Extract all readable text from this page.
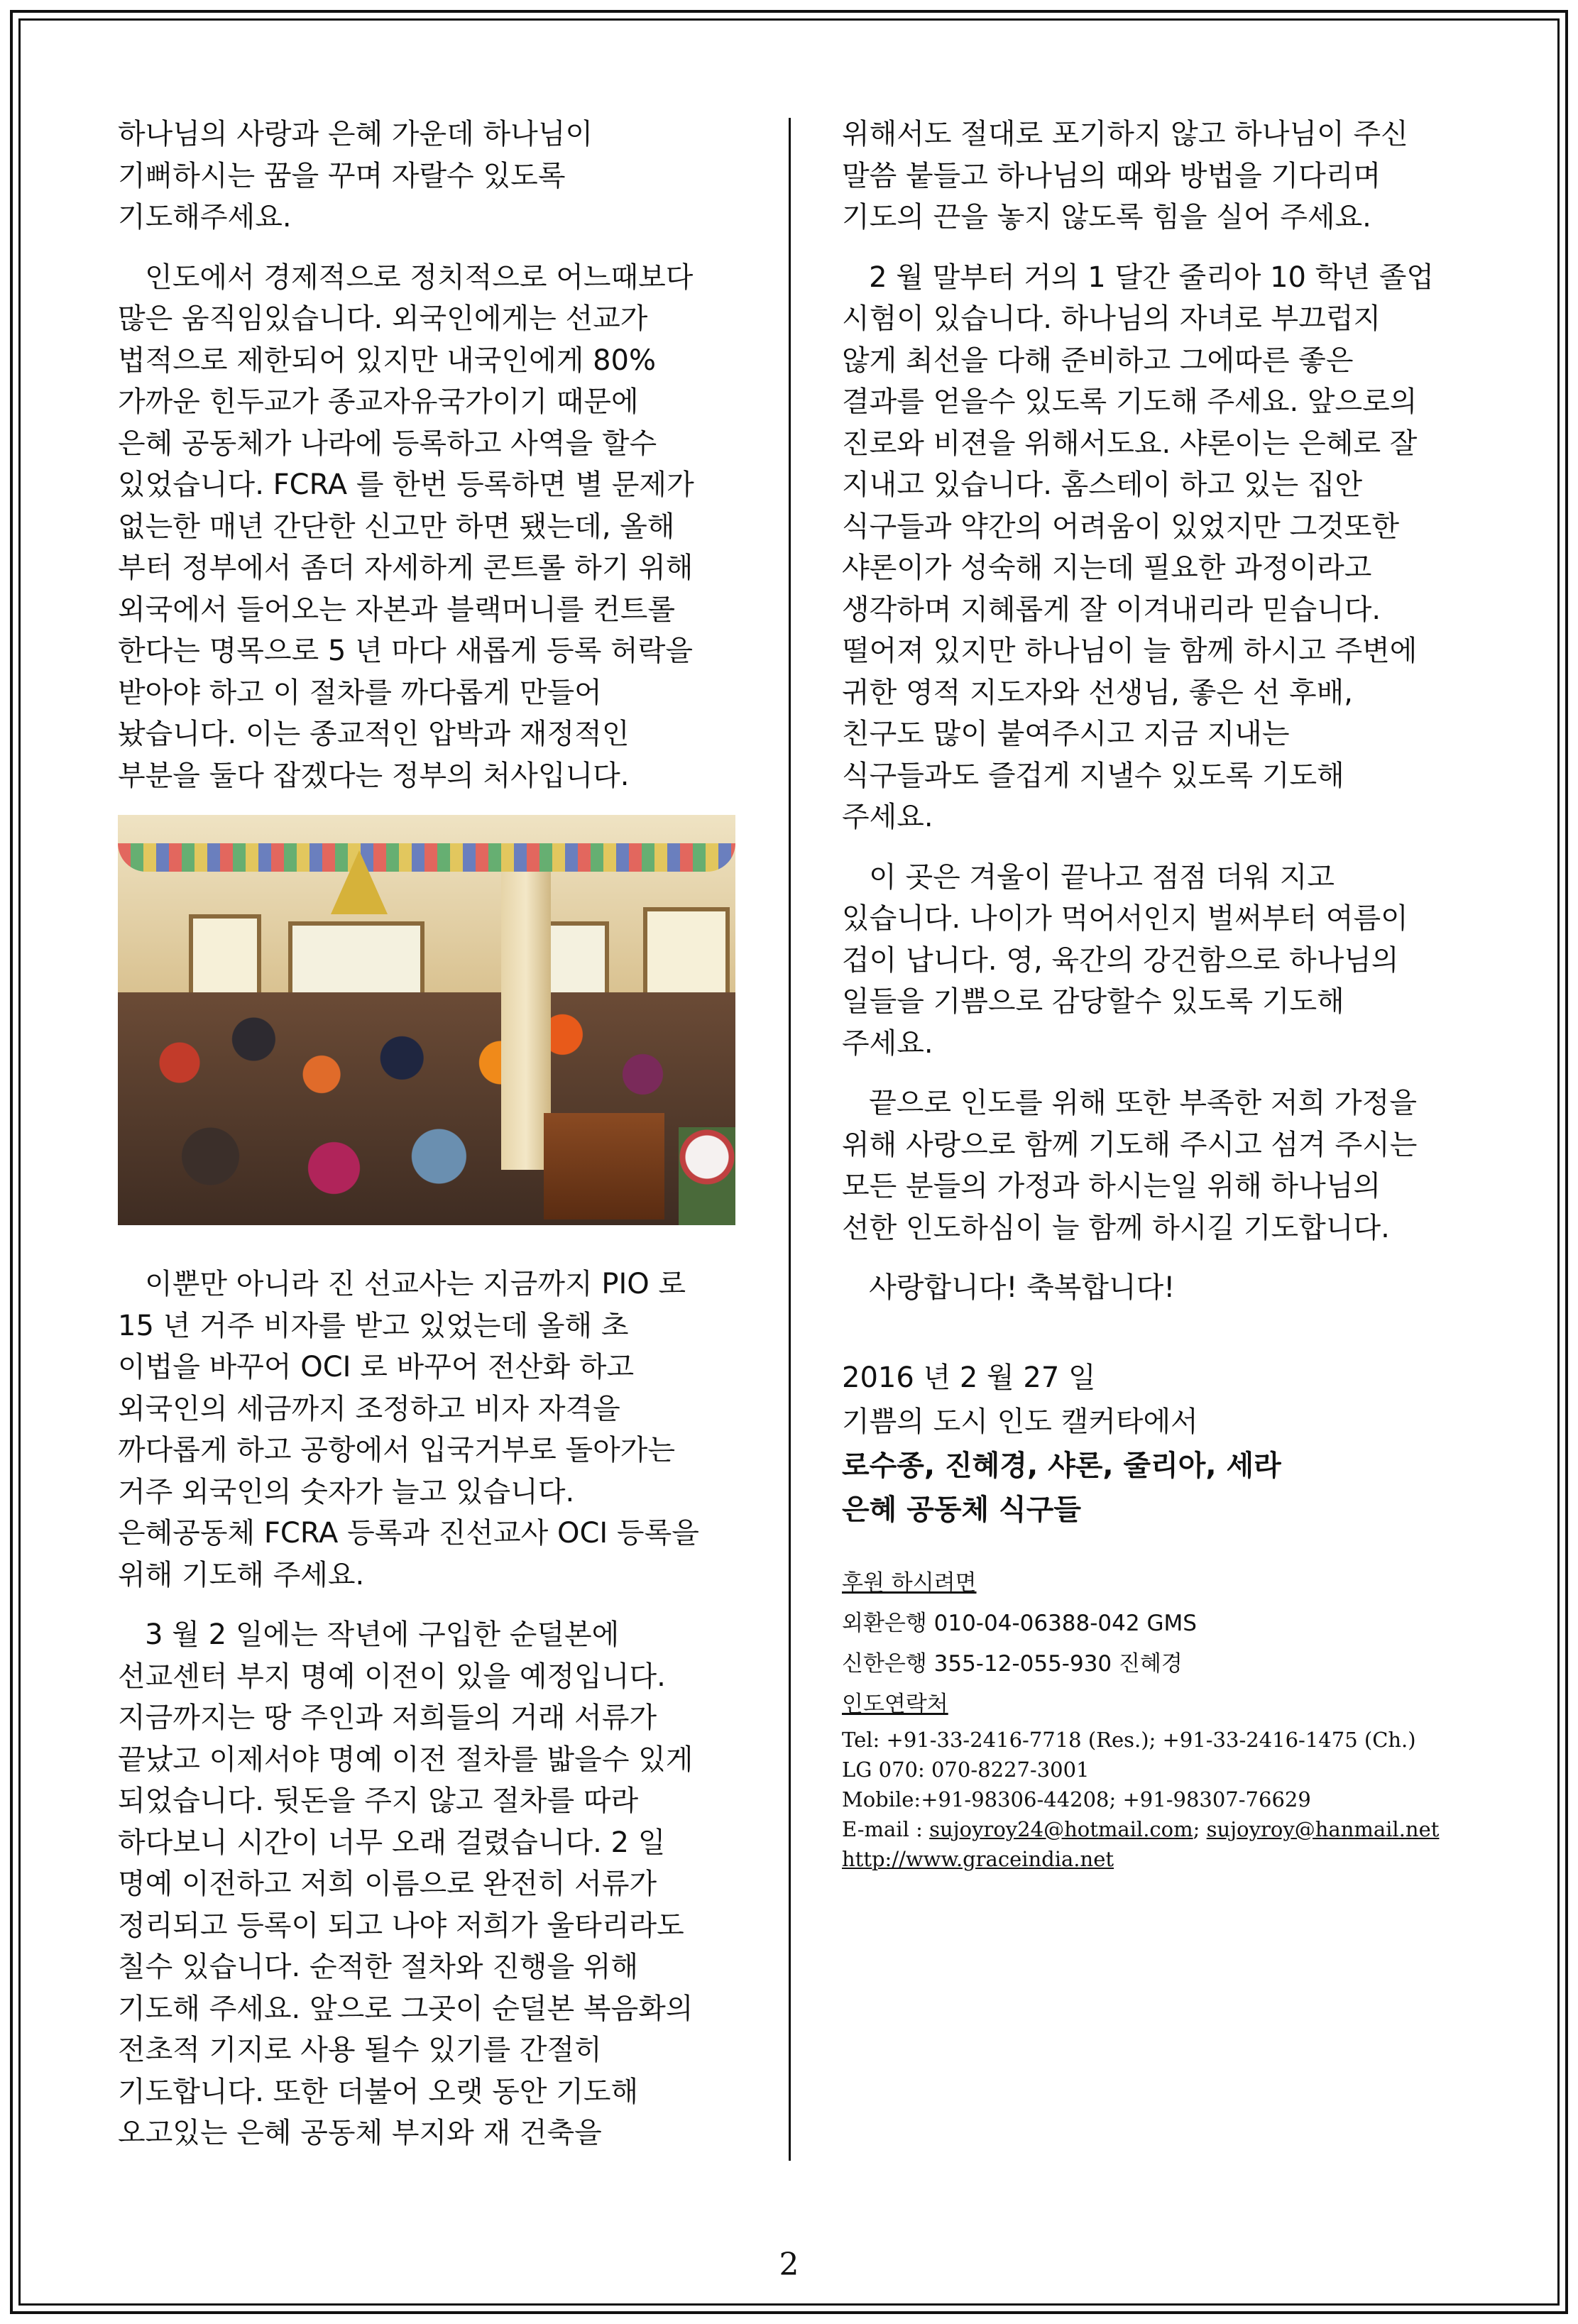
하나님의 사랑과 은혜 가운데 하나님이
기뻐하시는 꿈을 꾸며 자랄수 있도록
기도해주세요.

인도에서 경제적으로 정치적으로 어느때보다
많은 움직임있습니다. 외국인에게는 선교가
법적으로 제한되어 있지만 내국인에게 80%
가까운 힌두교가 종교자유국가이기 때문에
은혜 공동체가 나라에 등록하고 사역을 할수
있었습니다. FCRA 를 한번 등록하면 별 문제가
없는한 매년 간단한 신고만 하면 됐는데, 올해
부터 정부에서 좀더 자세하게 콘트롤 하기 위해
외국에서 들어오는 자본과 블랙머니를 컨트롤
한다는 명목으로 5 년 마다 새롭게 등록 허락을
받아야 하고 이 절차를 까다롭게 만들어
놨습니다. 이는 종교적인 압박과 재정적인
부분을 둘다 잡겠다는 정부의 처사입니다.

이뿐만 아니라 진 선교사는 지금까지 PIO 로
15 년 거주 비자를 받고 있었는데 올해 초
이법을 바꾸어 OCI 로 바꾸어 전산화 하고
외국인의 세금까지 조정하고 비자 자격을
까다롭게 하고 공항에서 입국거부로 돌아가는
거주 외국인의 숫자가 늘고 있습니다.
은혜공동체 FCRA 등록과 진선교사 OCI 등록을
위해 기도해 주세요.

3 월 2 일에는 작년에 구입한 순덜본에
선교센터 부지 명예 이전이 있을 예정입니다.
지금까지는 땅 주인과 저희들의 거래 서류가
끝났고 이제서야 명예 이전 절차를 밟을수 있게
되었습니다. 뒷돈을 주지 않고 절차를 따라
하다보니 시간이 너무 오래 걸렸습니다. 2 일
명예 이전하고 저희 이름으로 완전히 서류가
정리되고 등록이 되고 나야 저희가 울타리라도
칠수 있습니다. 순적한 절차와 진행을 위해
기도해 주세요. 앞으로 그곳이 순덜본 복음화의
전초적 기지로 사용 될수 있기를 간절히
기도합니다. 또한 더불어 오랫 동안 기도해
오고있는 은혜 공동체 부지와 재 건축을

위해서도 절대로 포기하지 않고 하나님이 주신
말씀 붙들고 하나님의 때와 방법을 기다리며
기도의 끈을 놓지 않도록 힘을 실어 주세요.

2 월 말부터 거의 1 달간 줄리아 10 학년 졸업
시험이 있습니다. 하나님의 자녀로 부끄럽지
않게 최선을 다해 준비하고 그에따른 좋은
결과를 얻을수 있도록 기도해 주세요. 앞으로의
진로와 비젼을 위해서도요. 샤론이는 은혜로 잘
지내고 있습니다. 홈스테이 하고 있는 집안
식구들과 약간의 어려움이 있었지만 그것또한
샤론이가 성숙해 지는데 필요한 과정이라고
생각하며 지혜롭게 잘 이겨내리라 믿습니다.
떨어져 있지만 하나님이 늘 함께 하시고 주변에
귀한 영적 지도자와 선생님, 좋은 선 후배,
친구도 많이 붙여주시고 지금 지내는
식구들과도 즐겁게 지낼수 있도록 기도해
주세요.

이 곳은 겨울이 끝나고 점점 더워 지고
있습니다. 나이가 먹어서인지 벌써부터 여름이
겁이 납니다. 영, 육간의 강건함으로 하나님의
일들을 기쁨으로 감당할수 있도록 기도해
주세요.

끝으로 인도를 위해 또한 부족한 저희 가정을
위해 사랑으로 함께 기도해 주시고 섬겨 주시는
모든 분들의 가정과 하시는일 위해 하나님의
선한 인도하심이 늘 함께 하시길 기도합니다.

사랑합니다! 축복합니다!

2016 년 2 월 27 일

기쁨의 도시 인도 캘커타에서

로수종, 진혜경, 샤론, 줄리아, 세라

은혜 공동체 식구들

후원 하시려면

외환은행 010-04-06388-042 GMS

신한은행 355-12-055-930 진혜경

인도연락처

Tel: +91-33-2416-7718 (Res.); +91-33-2416-1475 (Ch.)

LG 070: 070-8227-3001

Mobile:+91-98306-44208; +91-98307-76629

E-mail : sujoyroy24@hotmail.com; sujoyroy@hanmail.net

http://www.graceindia.net

2
